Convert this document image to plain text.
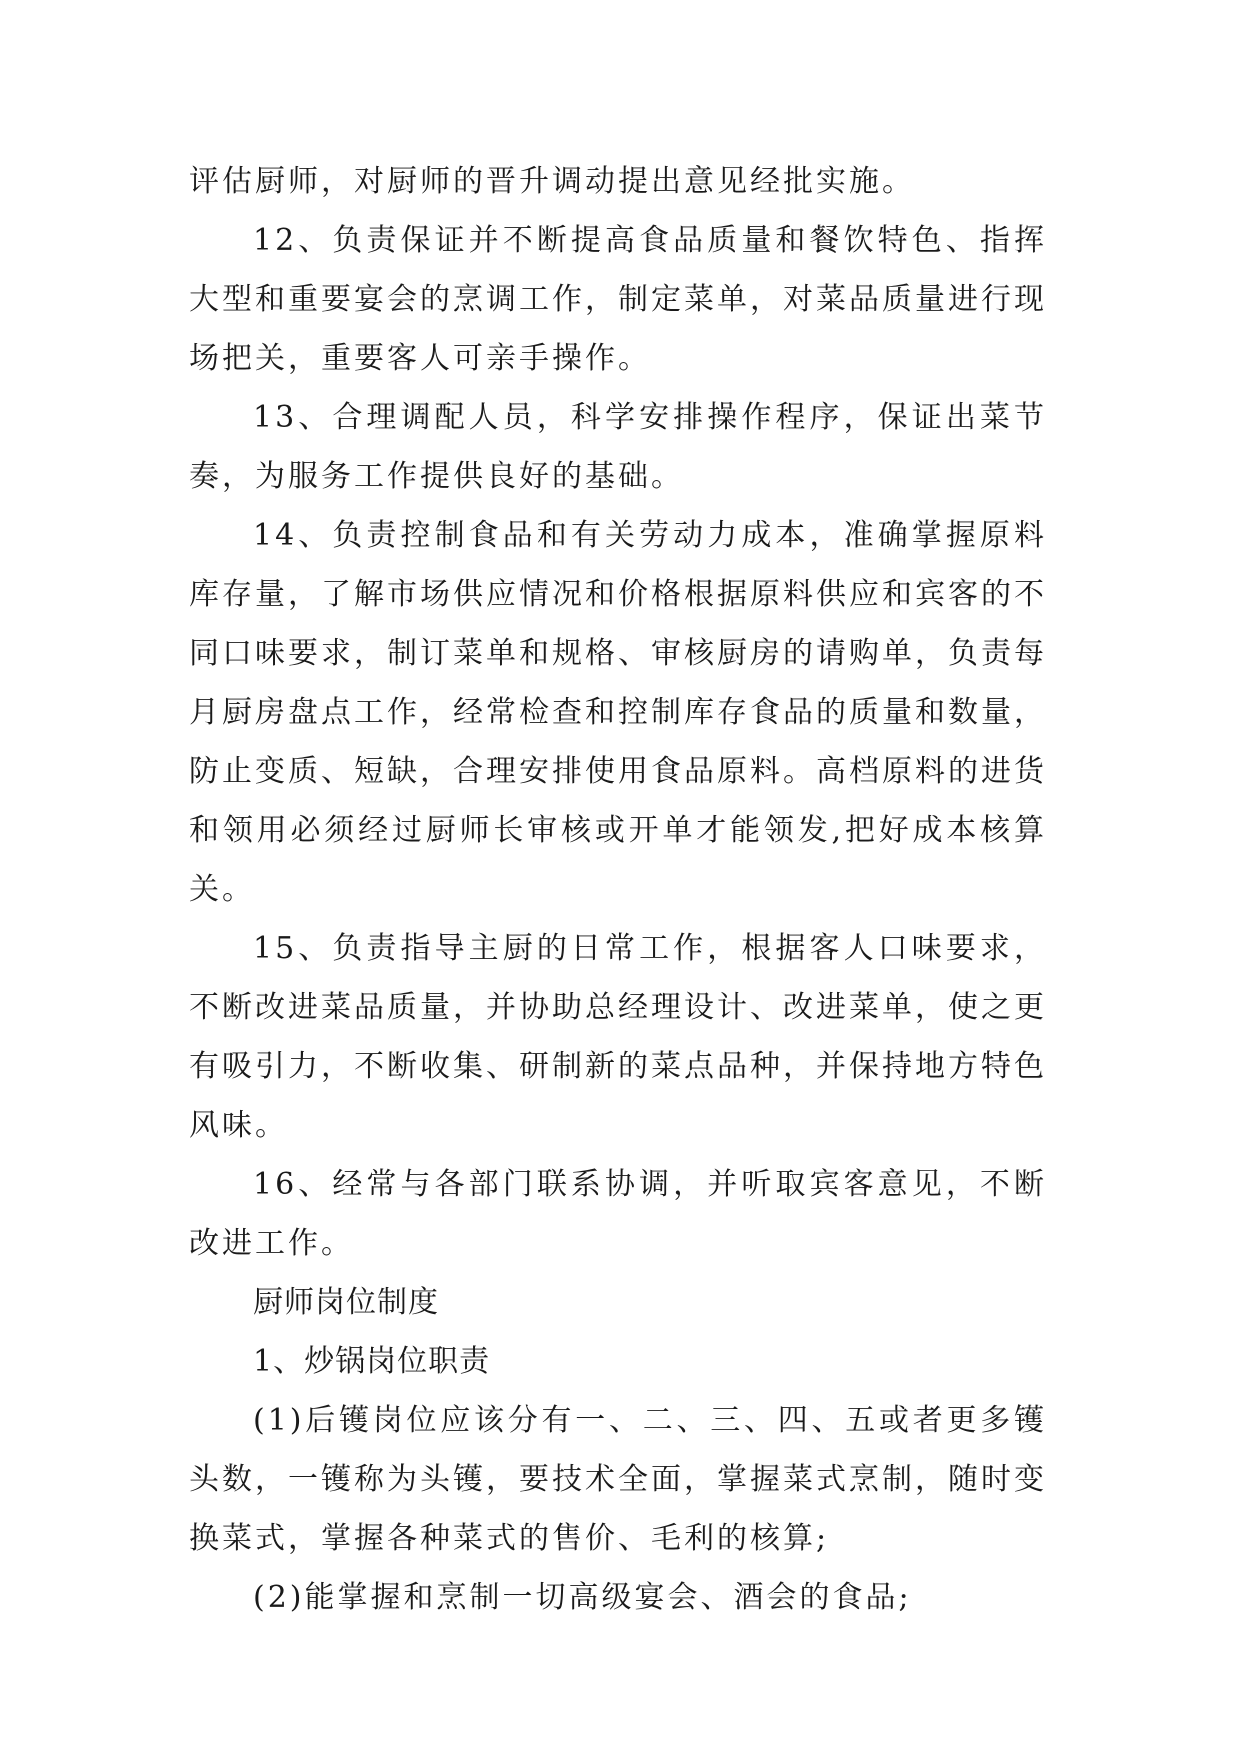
评估厨师，对厨师的晋升调动提出意见经批实施。

12、负责保证并不断提高食品质量和餐饮特色、指挥大型和重要宴会的烹调工作，制定菜单，对菜品质量进行现场把关，重要客人可亲手操作。

13、合理调配人员，科学安排操作程序，保证出菜节奏，为服务工作提供良好的基础。

14、负责控制食品和有关劳动力成本，准确掌握原料库存量，了解市场供应情况和价格根据原料供应和宾客的不同口味要求，制订菜单和规格、审核厨房的请购单，负责每月厨房盘点工作，经常检查和控制库存食品的质量和数量，防止变质、短缺，合理安排使用食品原料。高档原料的进货和领用必须经过厨师长审核或开单才能领发,把好成本核算关。

15、负责指导主厨的日常工作，根据客人口味要求，不断改进菜品质量，并协助总经理设计、改进菜单，使之更有吸引力，不断收集、研制新的菜点品种，并保持地方特色风味。

16、经常与各部门联系协调，并听取宾客意见，不断改进工作。

厨师岗位制度

1、炒锅岗位职责

(1)后镬岗位应该分有一、二、三、四、五或者更多镬头数，一镬称为头镬，要技术全面，掌握菜式烹制，随时变换菜式，掌握各种菜式的售价、毛利的核算;

(2)能掌握和烹制一切高级宴会、酒会的食品;
